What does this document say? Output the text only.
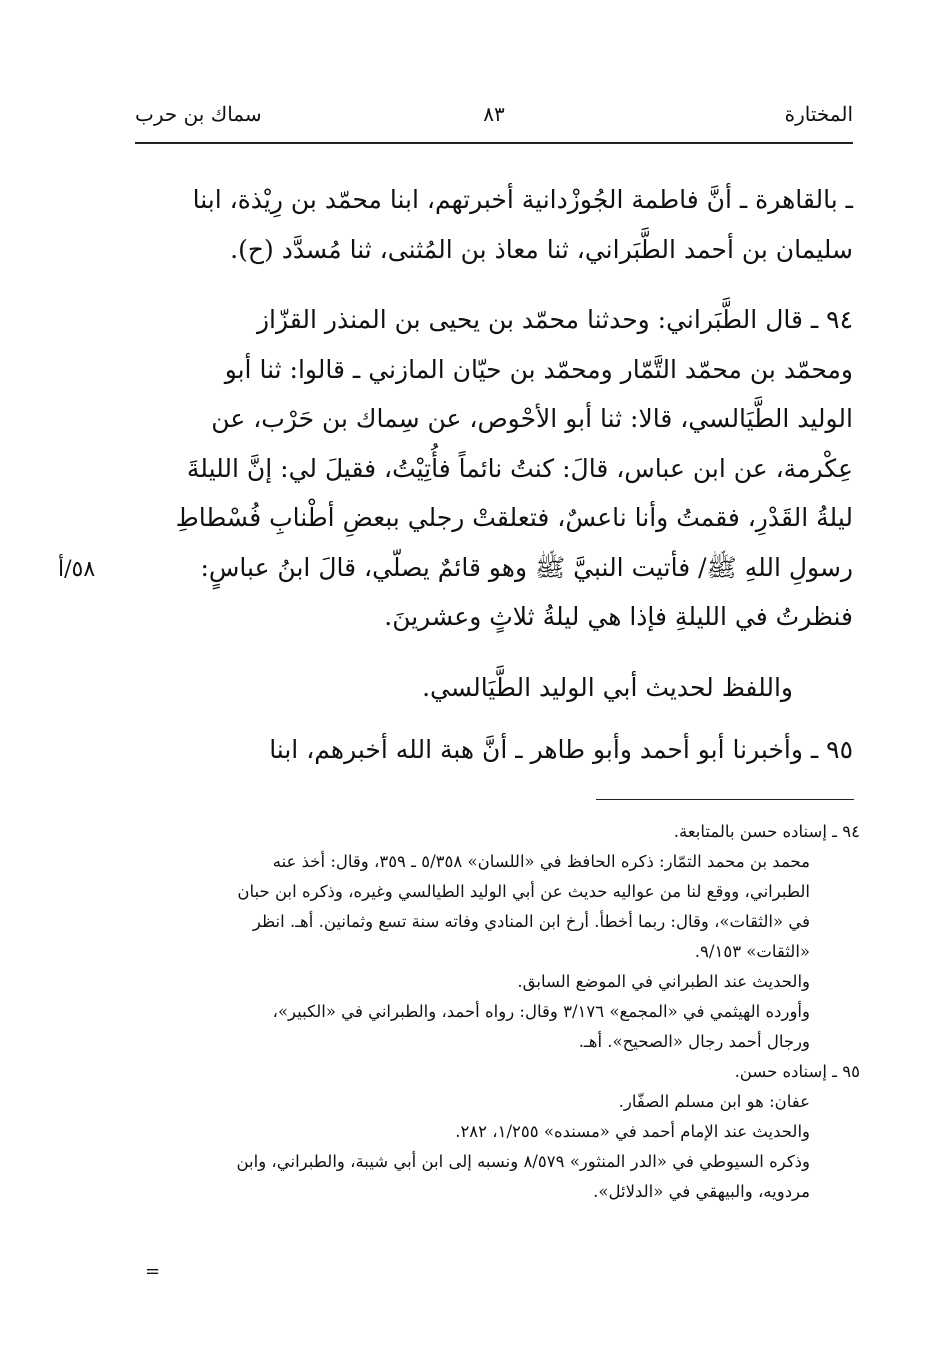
المختارة
٨٣
سماك بن حرب

ـ بالقاهرة ـ أنَّ فاطمة الجُوزْدانية أخبرتهم، ابنا محمّد بن رِيْذة، ابنا
سليمان بن أحمد الطَّبَراني، ثنا معاذ بن المُثنى، ثنا مُسدَّد (ح).

٩٤ ـ قال الطَّبَراني: وحدثنا محمّد بن يحيى بن المنذر القزّاز
ومحمّد بن محمّد التَّمّار ومحمّد بن حيّان المازني ـ قالوا: ثنا أبو
الوليد الطَّيَالسي، قالا: ثنا أبو الأحْوص، عن سِماك بن حَرْب، عن
عِكْرمة، عن ابن عباس، قالَ: كنتُ نائماً فأُتِيْتُ، فقيلَ لي: إنَّ الليلةَ
ليلةُ القَدْرِ، فقمتُ وأنا ناعسٌ، فتعلقتْ رجلي ببعضِ أطْنابِ فُسْطاطِ
رسولِ اللهِ ﷺ/ فأتيت النبيَّ ﷺ وهو قائمٌ يصلّي، قالَ ابنُ عباسٍ:
فنظرتُ في الليلةِ فإذا هي ليلةُ ثلاثٍ وعشرينَ.

واللفظ لحديث أبي الوليد الطَّيَالسي.

٩٥ ـ وأخبرنا أبو أحمد وأبو طاهر ـ أنَّ هبة الله أخبرهم، ابنا

٥٨/أ

٩٤ ـ إسناده حسن بالمتابعة.

محمد بن محمد التمّار: ذكره الحافظ في «اللسان» ٥/٣٥٨ ـ ٣٥٩، وقال: أخذ عنه
الطبراني، ووقع لنا من عواليه حديث عن أبي الوليد الطيالسي وغيره، وذكره ابن حبان
في «الثقات»، وقال: ربما أخطأ. أرخ ابن المنادي وفاته سنة تسع وثمانين. أهـ. انظر
«الثقات» ٩/١٥٣.

والحديث عند الطبراني في الموضع السابق.

وأورده الهيثمي في «المجمع» ٣/١٧٦ وقال: رواه أحمد، والطبراني في «الكبير»،
ورجال أحمد رجال «الصحيح». أهـ.

٩٥ ـ إسناده حسن.

عفان: هو ابن مسلم الصفّار.

والحديث عند الإمام أحمد في «مسنده» ١/٢٥٥، ٢٨٢.

وذكره السيوطي في «الدر المنثور» ٨/٥٧٩ ونسبه إلى ابن أبي شيبة، والطبراني، وابن
مردويه، والبيهقي في «الدلائل».

=
